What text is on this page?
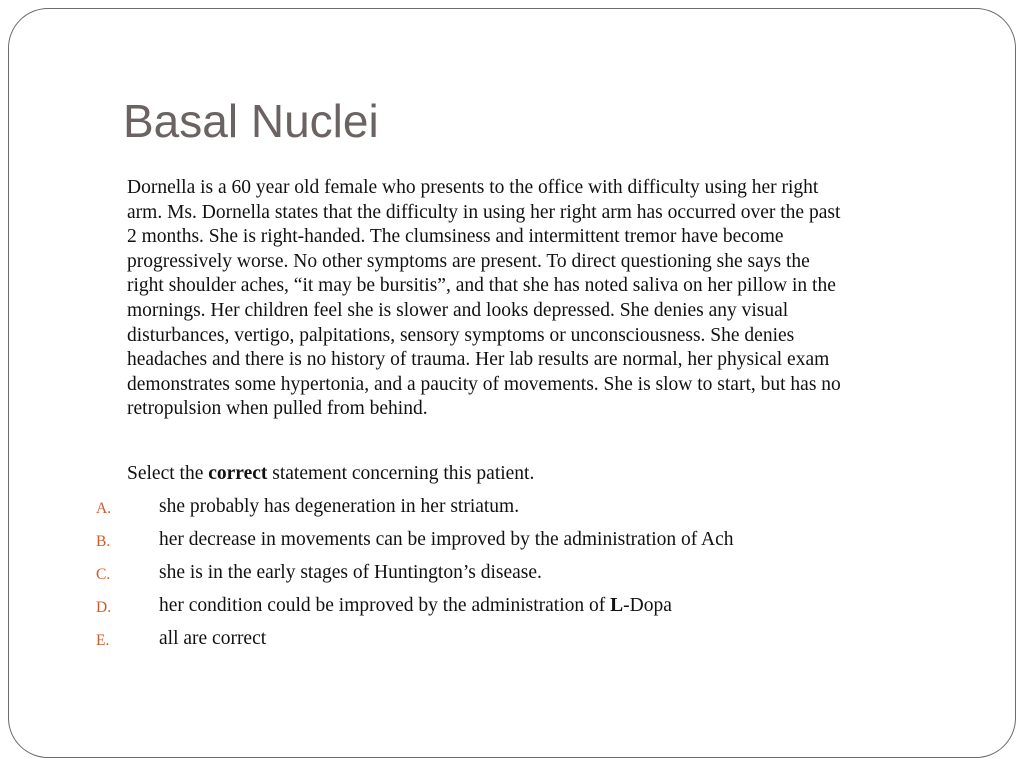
Basal Nuclei

Dornella is a 60 year old female who presents to the office with difficulty using her right
arm. Ms. Dornella states that the difficulty in using her right arm has occurred over the past
2 months. She is right-handed. The clumsiness and intermittent tremor have become
progressively worse. No other symptoms are present. To direct questioning she says the
right shoulder aches, “it may be bursitis”, and that she has noted saliva on her pillow in the
mornings. Her children feel she is slower and looks depressed. She denies any visual
disturbances, vertigo, palpitations, sensory symptoms or unconsciousness. She denies
headaches and there is no history of trauma. Her lab results are normal, her physical exam
demonstrates some hypertonia, and a paucity of movements. She is slow to start, but has no
retropulsion when pulled from behind.

Select the correct statement concerning this patient.

A. she probably has degeneration in her striatum.
B.	her decrease in movements can be improved by the administration of Ach
C.	she is in the early stages of Huntington’s disease.
D. her condition could be improved by the administration of L-Dopa
E.	all are correct
